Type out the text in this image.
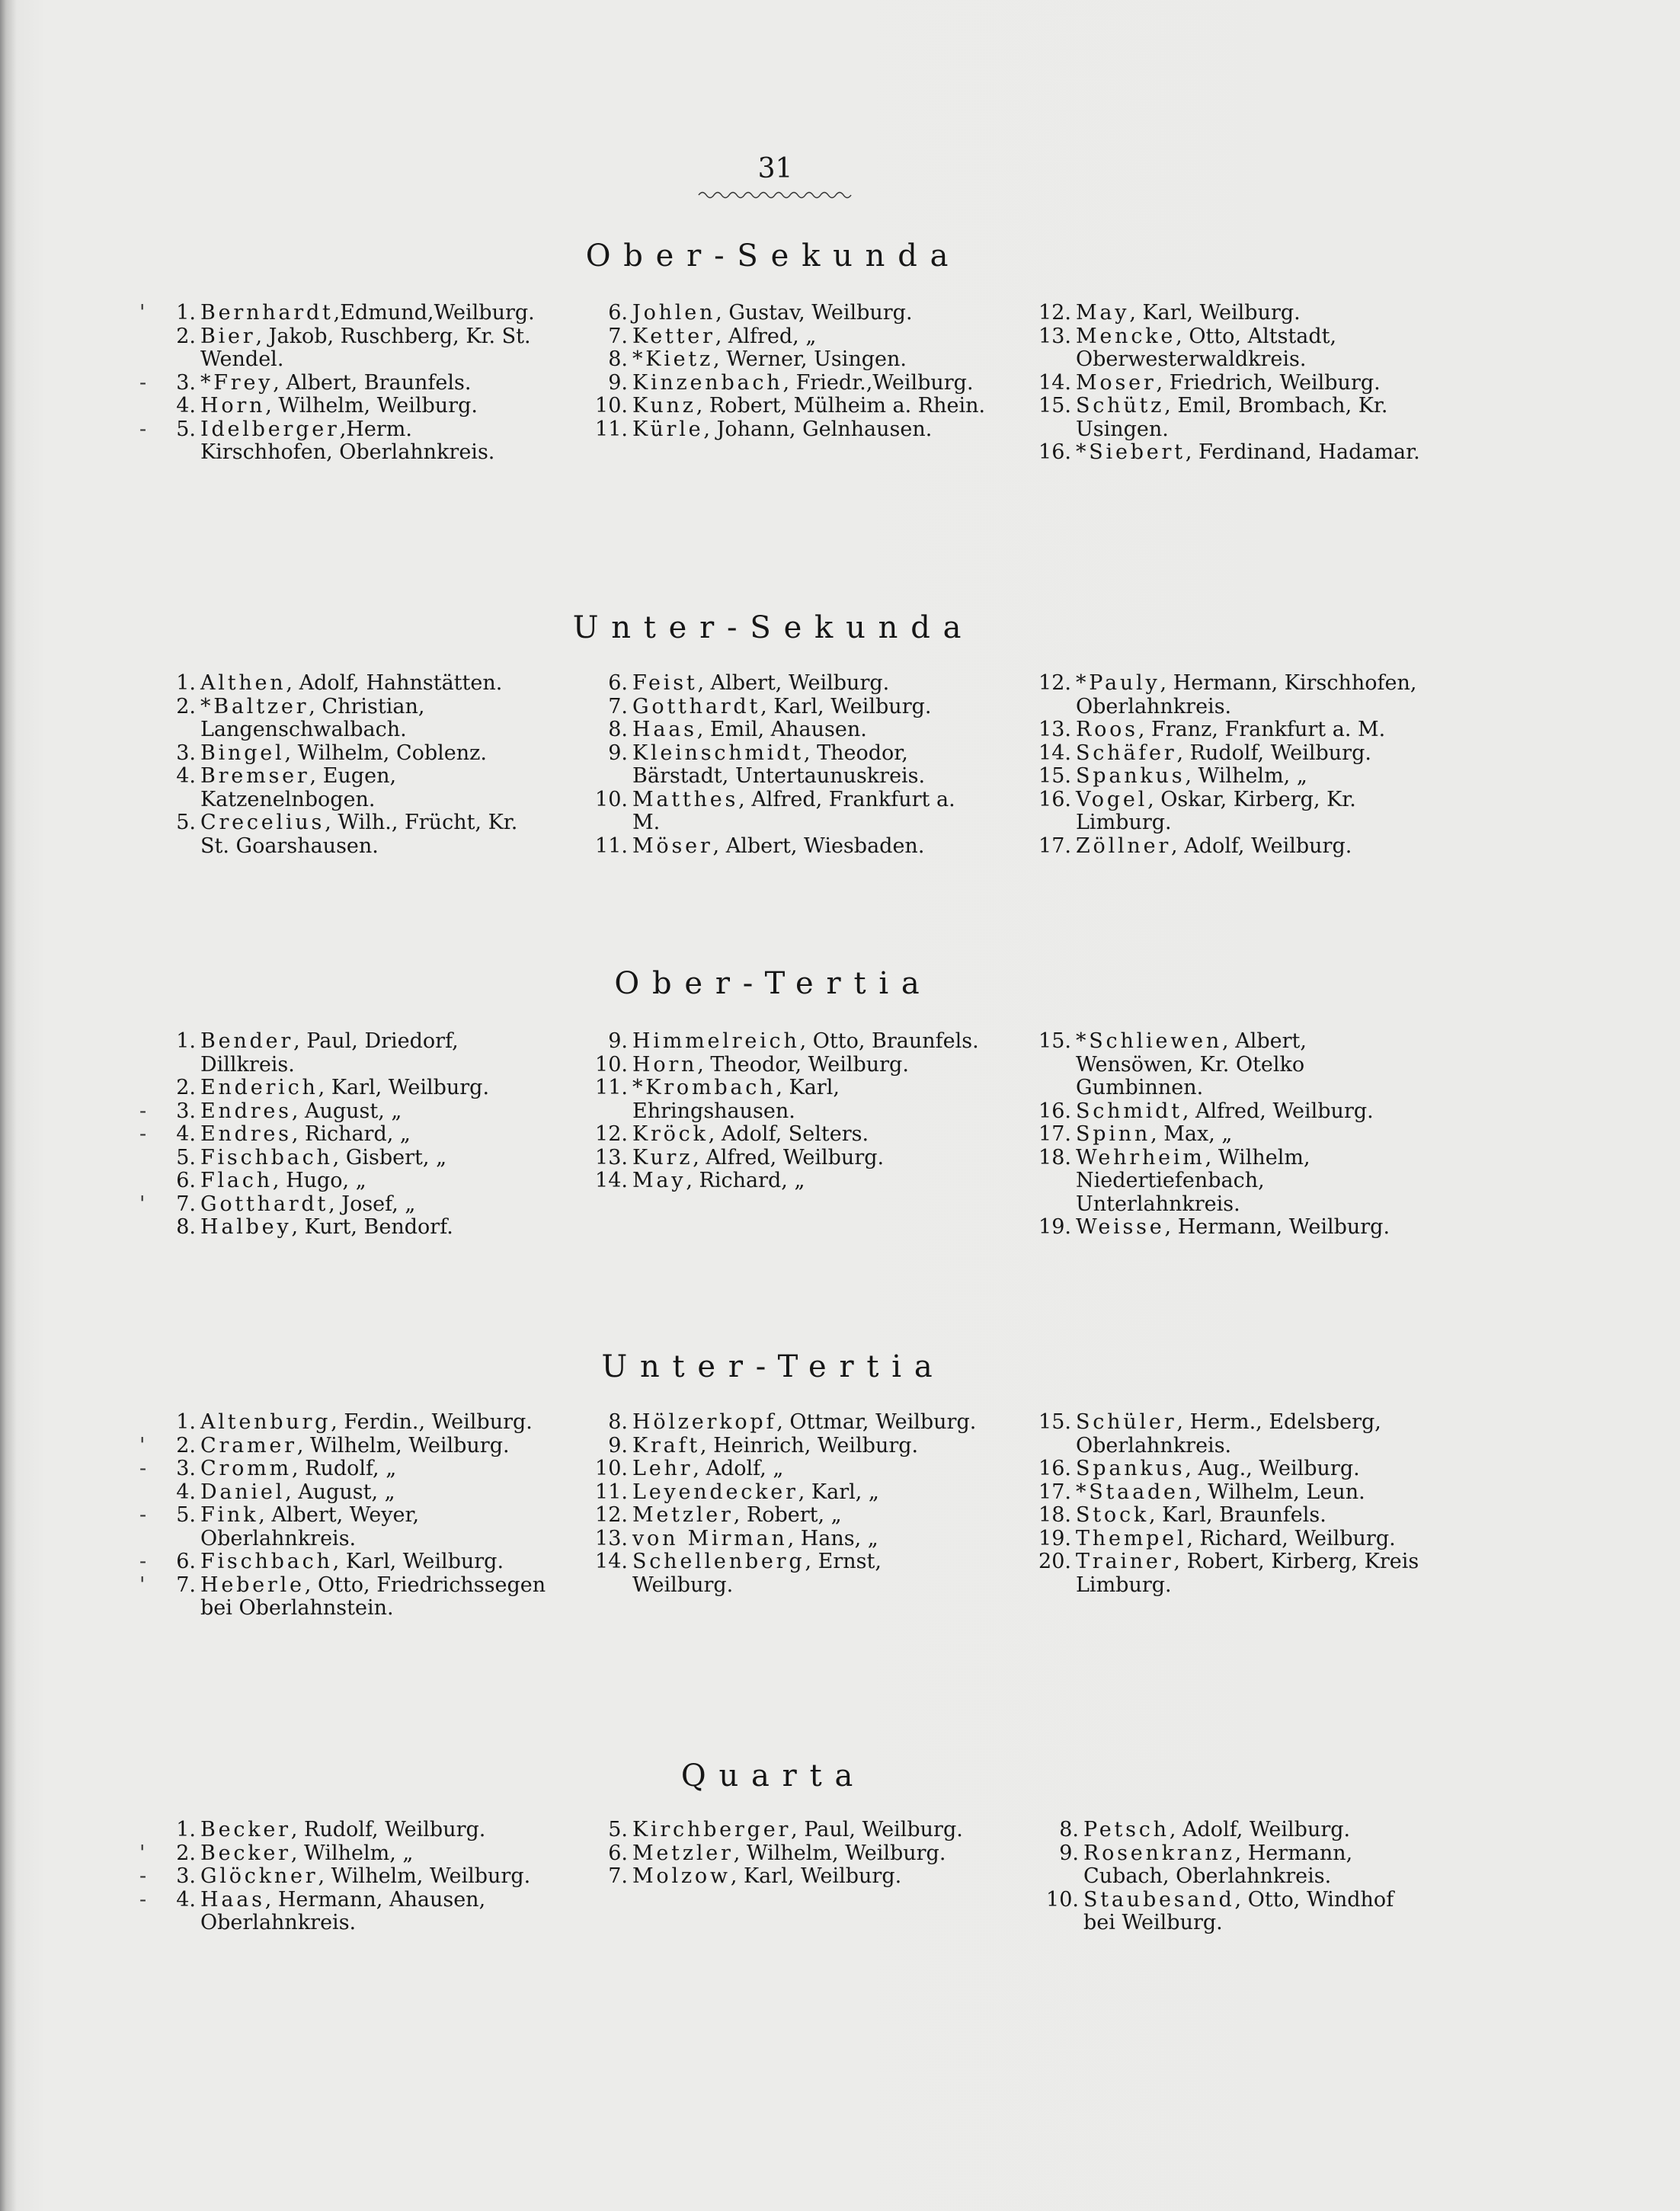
31
Ober-Sekunda
'	1. Bernhardt,Edmund,Weilburg.
2. Bier, Jakob, Ruschberg, Kr. St. Wendel.
-	3. *Frey, Albert, Braunfels.
4. Horn, Wilhelm, Weilburg.
-	5. Idelberger,Herm. Kirschhofen, Oberlahnkreis.
6. Johlen, Gustav, Weilburg.
7. Ketter, Alfred, „
8. *Kietz, Werner, Usingen.
9. Kinzenbach, Friedr.,Weilburg.
10. Kunz, Robert, Mülheim a. Rhein.
11. Kürle, Johann, Gelnhausen.
12. May, Karl, Weilburg.
13. Mencke, Otto, Altstadt, Oberwesterwaldkreis.
14. Moser, Friedrich, Weilburg.
15. Schütz, Emil, Brombach, Kr. Usingen.
16. *Siebert, Ferdinand, Hadamar.
Unter-Sekunda
1. Althen, Adolf, Hahnstätten.
2. *Baltzer, Christian, Langenschwalbach.
3. Bingel, Wilhelm, Coblenz.
4. Bremser, Eugen, Katzenelnbogen.
5. Crecelius, Wilh., Frücht, Kr. St. Goarshausen.
6. Feist, Albert, Weilburg.
7. Gotthardt, Karl, Weilburg.
8. Haas, Emil, Ahausen.
9. Kleinschmidt, Theodor, Bärstadt, Untertaunuskreis.
10. Matthes, Alfred, Frankfurt a. M.
11. Möser, Albert, Wiesbaden.
12. *Pauly, Hermann, Kirschhofen, Oberlahnkreis.
13. Roos, Franz, Frankfurt a. M.
14. Schäfer, Rudolf, Weilburg.
15. Spankus, Wilhelm, „
16. Vogel, Oskar, Kirberg, Kr. Limburg.
17. Zöllner, Adolf, Weilburg.
Ober-Tertia
1. Bender, Paul, Driedorf, Dillkreis.
2. Enderich, Karl, Weilburg.
-	3. Endres, August, „
-	4. Endres, Richard, „
5. Fischbach, Gisbert, „
6. Flach, Hugo, „
'	7. Gotthardt, Josef, „
8. Halbey, Kurt, Bendorf.
9. Himmelreich, Otto, Braunfels.
10. Horn, Theodor, Weilburg.
11. *Krombach, Karl, Ehringshausen.
12. Kröck, Adolf, Selters.
13. Kurz, Alfred, Weilburg.
14. May, Richard, „
15. *Schliewen, Albert, Wensöwen, Kr. Otelko Gumbinnen.
16. Schmidt, Alfred, Weilburg.
17. Spinn, Max, „
18. Wehrheim, Wilhelm, Niedertiefenbach, Unterlahnkreis.
19. Weisse, Hermann, Weilburg.
Unter-Tertia
1. Altenburg, Ferdin., Weilburg.
'	2. Cramer, Wilhelm, Weilburg.
-	3. Cromm, Rudolf, „
4. Daniel, August, „
-	5. Fink, Albert, Weyer, Oberlahnkreis.
-	6. Fischbach, Karl, Weilburg.
'	7. Heberle, Otto, Friedrichssegen bei Oberlahnstein.
8. Hölzerkopf, Ottmar, Weilburg.
9. Kraft, Heinrich, Weilburg.
10. Lehr, Adolf, „
11. Leyendecker, Karl, „
12. Metzler, Robert, „
13. von Mirman, Hans, „
14. Schellenberg, Ernst, Weilburg.
15. Schüler, Herm., Edelsberg, Oberlahnkreis.
16. Spankus, Aug., Weilburg.
17. *Staaden, Wilhelm, Leun.
18. Stock, Karl, Braunfels.
19. Thempel, Richard, Weilburg.
20. Trainer, Robert, Kirberg, Kreis Limburg.
Quarta
1. Becker, Rudolf, Weilburg.
'	2. Becker, Wilhelm, „
-	3. Glöckner, Wilhelm, Weilburg.
-	4. Haas, Hermann, Ahausen, Oberlahnkreis.
5. Kirchberger, Paul, Weilburg.
6. Metzler, Wilhelm, Weilburg.
7. Molzow, Karl, Weilburg.
8. Petsch, Adolf, Weilburg.
9. Rosenkranz, Hermann, Cubach, Oberlahnkreis.
10. Staubesand, Otto, Windhof bei Weilburg.
